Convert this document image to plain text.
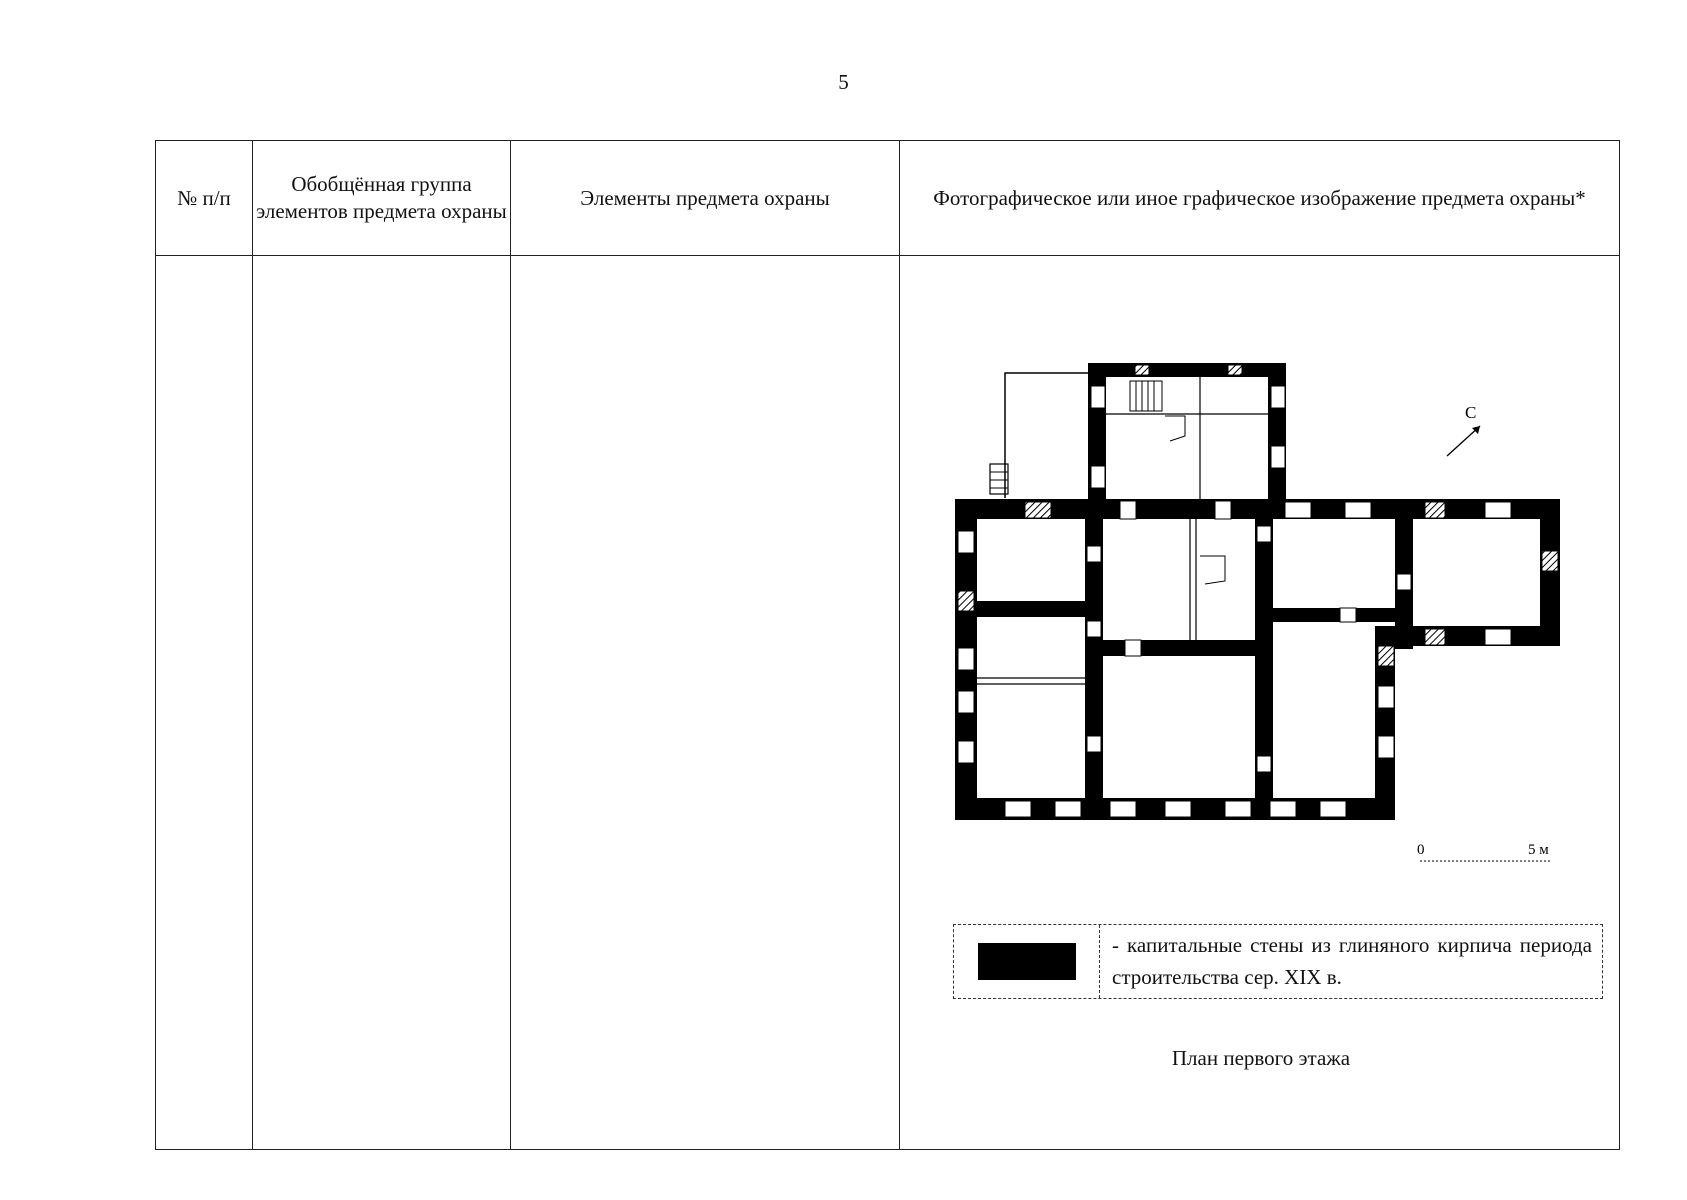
5
№ п/п	Обобщённая группа элементов предмета охраны	Элементы предмета охраны	Фотографическое или иное графическое изображение предмета охраны*

С
0 5 м
- капитальные стены из глиняного кирпича периода строительства сер. XIX в.
План первого этажа
